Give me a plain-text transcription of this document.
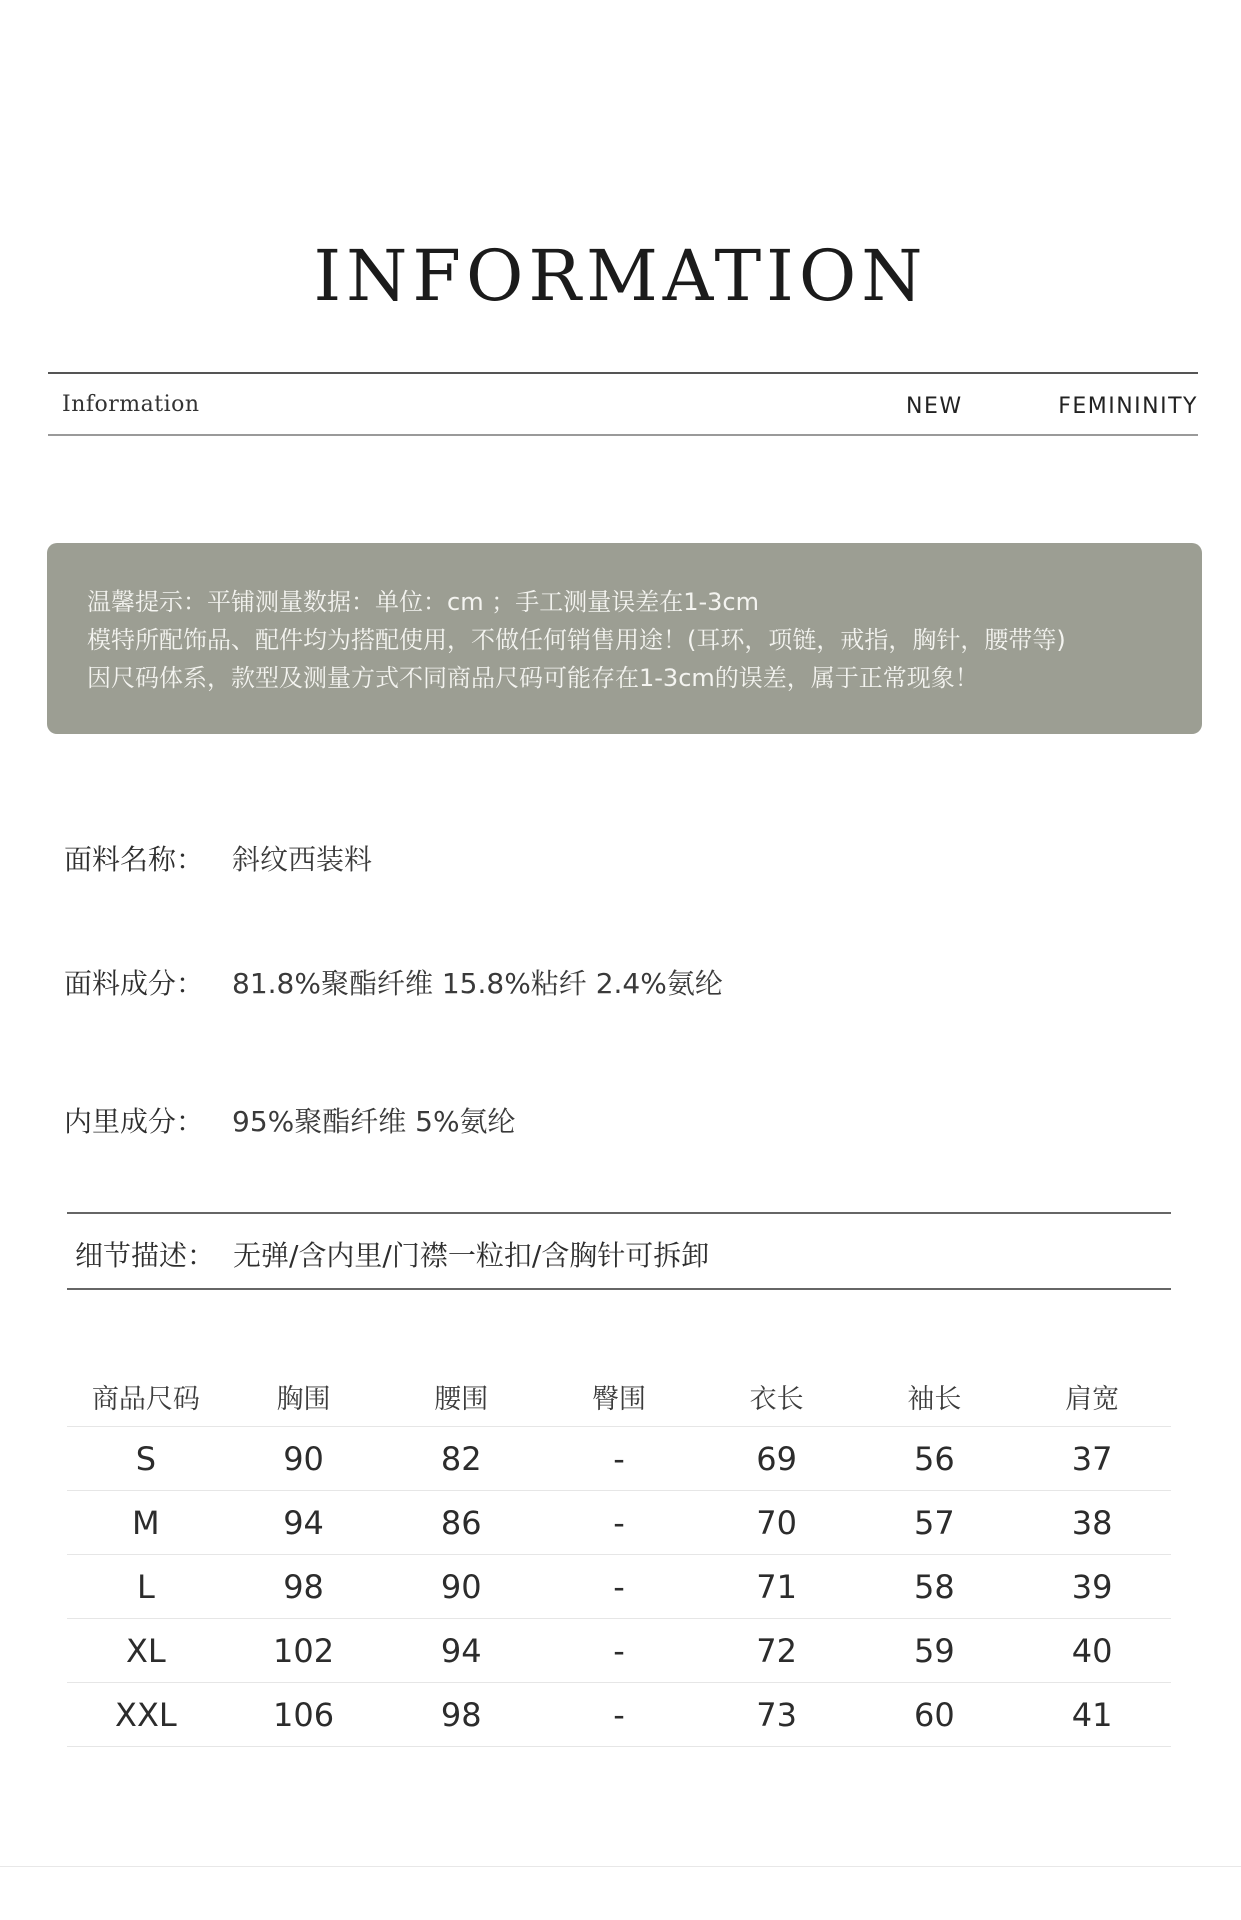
INFORMATION
Information	NEW	FEMININITY
温馨提示：平铺测量数据：单位：cm ；手工测量误差在1-3cm
模特所配饰品、配件均为搭配使用，不做任何销售用途！(耳环，项链，戒指，胸针，腰带等)
因尺码体系，款型及测量方式不同商品尺码可能存在1-3cm的误差，属于正常现象！
面料名称： 斜纹西装料
面料成分： 81.8%聚酯纤维 15.8%粘纤 2.4%氨纶
内里成分： 95%聚酯纤维 5%氨纶
细节描述： 无弹/含内里/门襟一粒扣/含胸针可拆卸
商品尺码	胸围	腰围	臀围	衣长	袖长	肩宽
S	90	82	-	69	56	37
M	94	86	-	70	57	38
L	98	90	-	71	58	39
XL	102	94	-	72	59	40
XXL	106	98	-	73	60	41
